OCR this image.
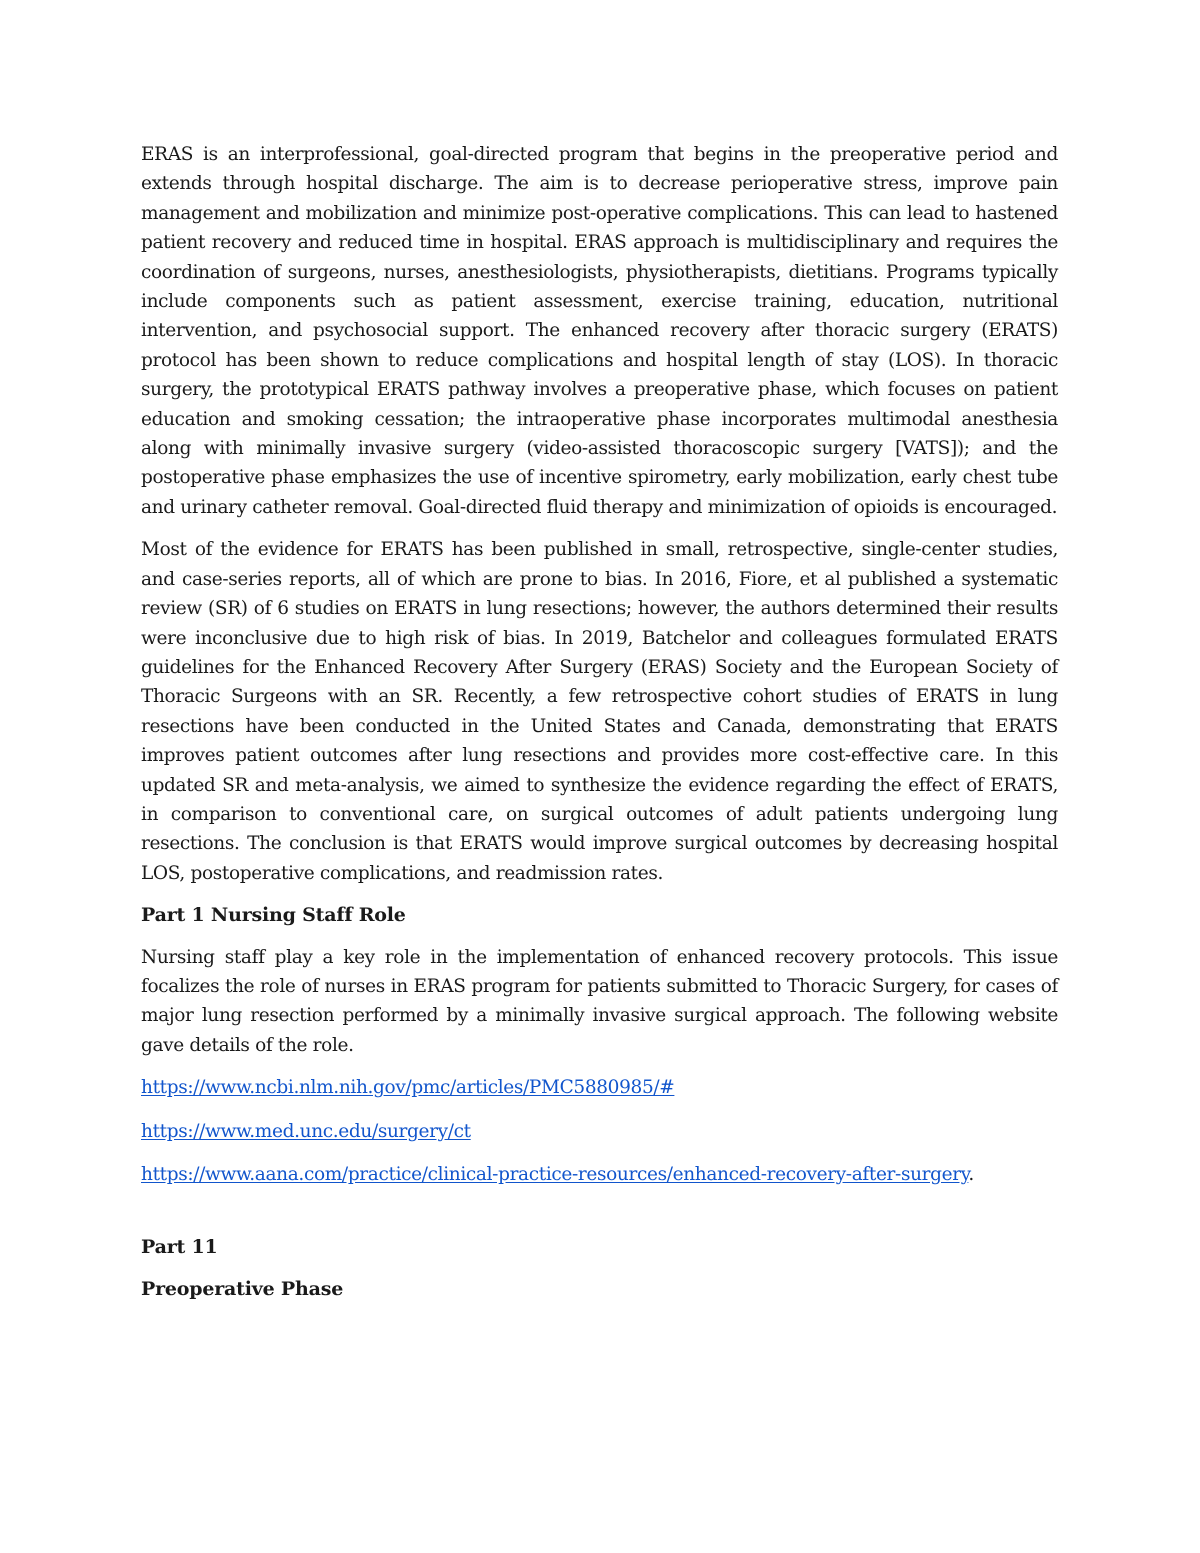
ERAS is an interprofessional, goal-directed program that begins in the preoperative period and extends through hospital discharge. The aim is to decrease perioperative stress, improve pain management and mobilization and minimize post-operative complications. This can lead to hastened patient recovery and reduced time in hospital. ERAS approach is multidisciplinary and requires the coordination of surgeons, nurses, anesthesiologists, physiotherapists, dietitians. Programs typically include components such as patient assessment, exercise training, education, nutritional intervention, and psychosocial support. The enhanced recovery after thoracic surgery (ERATS) protocol has been shown to reduce complications and hospital length of stay (LOS). In thoracic surgery, the prototypical ERATS pathway involves a preoperative phase, which focuses on patient education and smoking cessation; the intraoperative phase incorporates multimodal anesthesia along with minimally invasive surgery (video-assisted thoracoscopic surgery [VATS]); and the postoperative phase emphasizes the use of incentive spirometry, early mobilization, early chest tube and urinary catheter removal. Goal-directed fluid therapy and minimization of opioids is encouraged.

Most of the evidence for ERATS has been published in small, retrospective, single-center studies, and case-series reports, all of which are prone to bias. In 2016, Fiore, et al published a systematic review (SR) of 6 studies on ERATS in lung resections; however, the authors determined their results were inconclusive due to high risk of bias. In 2019, Batchelor and colleagues formulated ERATS guidelines for the Enhanced Recovery After Surgery (ERAS) Society and the European Society of Thoracic Surgeons with an SR. Recently, a few retrospective cohort studies of ERATS in lung resections have been conducted in the United States and Canada, demonstrating that ERATS improves patient outcomes after lung resections and provides more cost-effective care. In this updated SR and meta-analysis, we aimed to synthesize the evidence regarding the effect of ERATS, in comparison to conventional care, on surgical outcomes of adult patients undergoing lung resections. The conclusion is that ERATS would improve surgical outcomes by decreasing hospital LOS, postoperative complications, and readmission rates.

Part 1 Nursing Staff Role

Nursing staff play a key role in the implementation of enhanced recovery protocols. This issue focalizes the role of nurses in ERAS program for patients submitted to Thoracic Surgery, for cases of major lung resection performed by a minimally invasive surgical approach. The following website gave details of the role.

https://www.ncbi.nlm.nih.gov/pmc/articles/PMC5880985/#

https://www.med.unc.edu/surgery/ct

https://www.aana.com/practice/clinical-practice-resources/enhanced-recovery-after-surgery.

Part 11
Preoperative Phase
